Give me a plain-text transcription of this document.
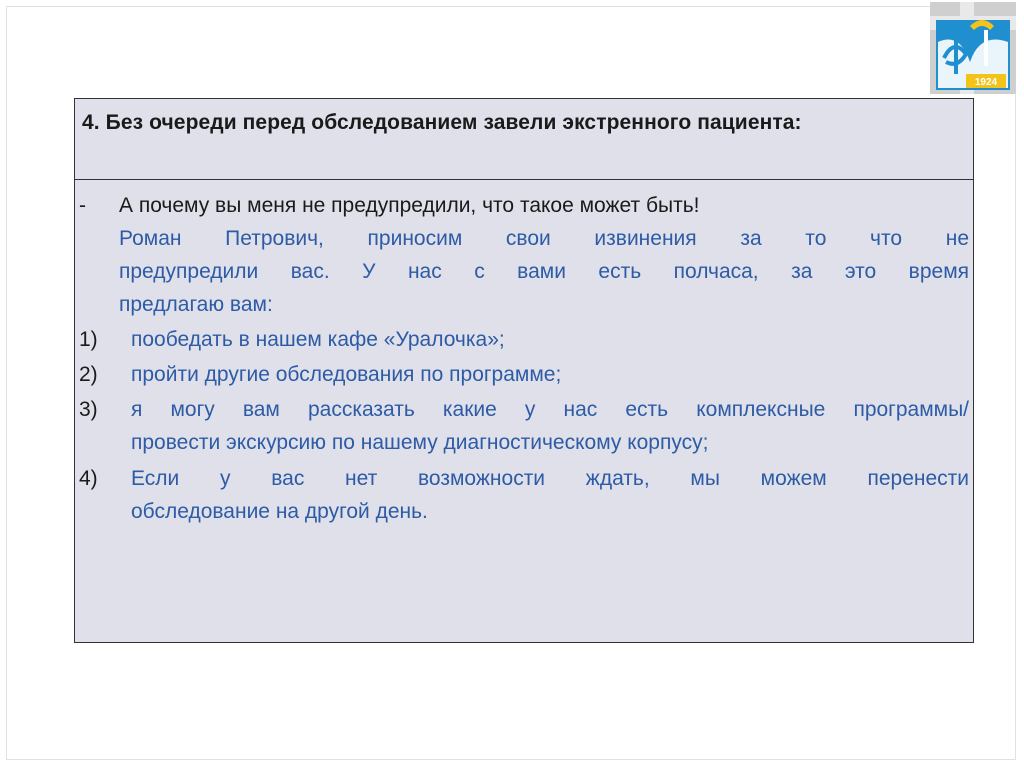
1924

4. Без очереди перед обследованием завели экстренного пациента:

- А почему вы меня не предупредили, что такое может быть!
Роман Петрович, приносим свои извинения за то что не
предупредили вас. У нас с вами есть полчаса, за это время
предлагаю вам:
1) пообедать в нашем кафе «Уралочка»;
2) пройти другие обследования по программе;
3) я могу вам рассказать какие у нас есть комплексные программы/
провести экскурсию по нашему диагностическому корпусу;
4) Если у вас нет возможности ждать, мы можем перенести
обследование на другой день.
